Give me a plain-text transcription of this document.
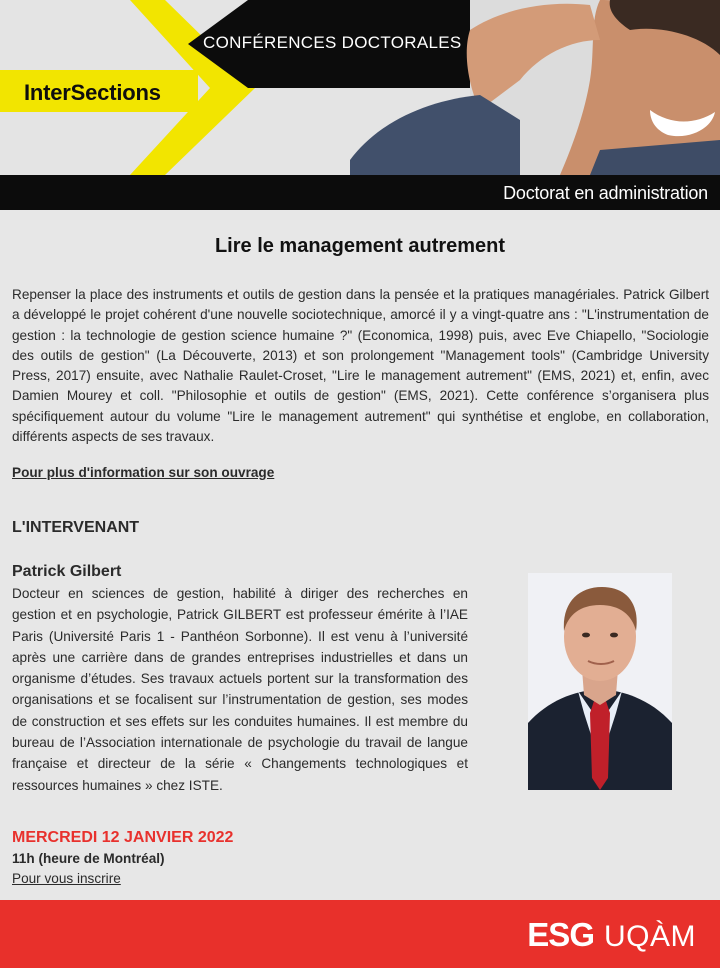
CONFÉRENCES DOCTORALES
InterSections
Doctorat en administration
Lire le management autrement

Repenser la place des instruments et outils de gestion dans la pensée et la pratiques managériales. Patrick Gilbert a développé le projet cohérent d'une nouvelle sociotechnique, amorcé il y a vingt-quatre ans : "L'instrumentation de gestion : la technologie de gestion science humaine ?" (Economica, 1998) puis, avec Eve Chiapello, "Sociologie des outils de gestion" (La Découverte, 2013) et son prolongement "Management tools" (Cambridge University Press, 2017) ensuite, avec Nathalie Raulet-Croset, "Lire le management autrement" (EMS, 2021) et, enfin, avec Damien Mourey et coll. "Philosophie et outils de gestion" (EMS, 2021). Cette conférence s’organisera plus spécifiquement autour du volume "Lire le management autrement" qui synthétise et englobe, en collaboration, différents aspects de ses travaux.

Pour plus d'information sur son ouvrage
L'INTERVENANT
Patrick Gilbert

Docteur en sciences de gestion, habilité à diriger des recherches en gestion et en psychologie, Patrick GILBERT est professeur émérite à l’IAE Paris (Université Paris 1 - Panthéon Sorbonne). Il est venu à l’université après une carrière dans de grandes entreprises industrielles et dans un organisme d’études. Ses travaux actuels portent sur la transformation des organisations et se focalisent sur l’instrumentation de gestion, ses modes de construction et ses effets sur les conduites humaines. Il est membre du bureau de l’Association internationale de psychologie du travail de langue française et directeur de la série « Changements technologiques et ressources humaines » chez ISTE.

MERCREDI 12 JANVIER 2022
11h (heure de Montréal)
Pour vous inscrire
ESG UQÀM
